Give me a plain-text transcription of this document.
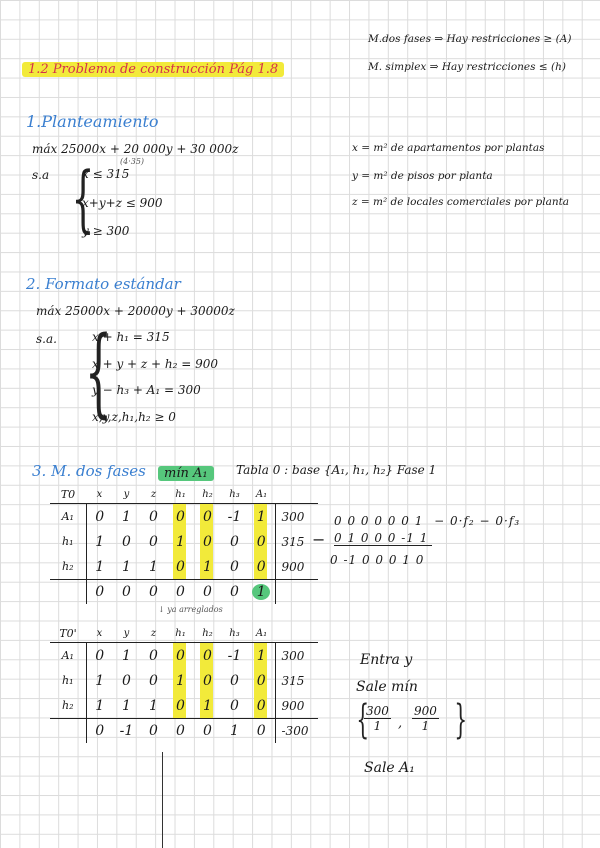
M.dos fases ⇒ Hay restricciones ≥ (A)
M. simplex ⇒ Hay restricciones ≤ (h)
1.2 Problema de construcción Pág 1.8
1.Planteamiento
máx 25000x + 20 000y + 30 000z
(4·35)
s.a {
x ≤ 315
x+y+z ≤ 900
y ≥ 300
x = m² de apartamentos por plantas
y = m² de pisos por planta
z = m² de locales comerciales por planta
2. Formato estándar
máx 25000x + 20000y + 30000z
s.a. {
x + h₁ = 315
x + y + z + h₂ = 900
y − h₃ + A₁ = 300
x,y,z,h₁,h₂ ≥ 0
3. M. dos fases	mín A₁	Tabla 0 : base {A₁, h₁, h₂} Fase 1
T0	x	y	z	h₁	h₂	h₃	A₁	
A₁	0	1	0	0	0	-1	1	300
h₁	1	0	0	1	0	0	0	315
h₂	1	1	1	0	1	0	0	900
	0	0	0	0	0	0	1	
0 0 0 0 0 0 1 − 0·f₂ − 0·f₃
− 0 1 0 0 0 -1 1
0 -1 0 0 0 1 0
↓ ya arreglados
T0'	x	y	z	h₁	h₂	h₃	A₁	
A₁	0	1	0	0	0	-1	1	300
h₁	1	0	0	1	0	0	0	315
h₂	1	1	1	0	1	0	0	900
	0	-1	0	0	0	1	0	-300
Entra y
Sale mín
{
$\frac{300}{1}$ , $\frac{900}{1}$ }
Sale A₁
